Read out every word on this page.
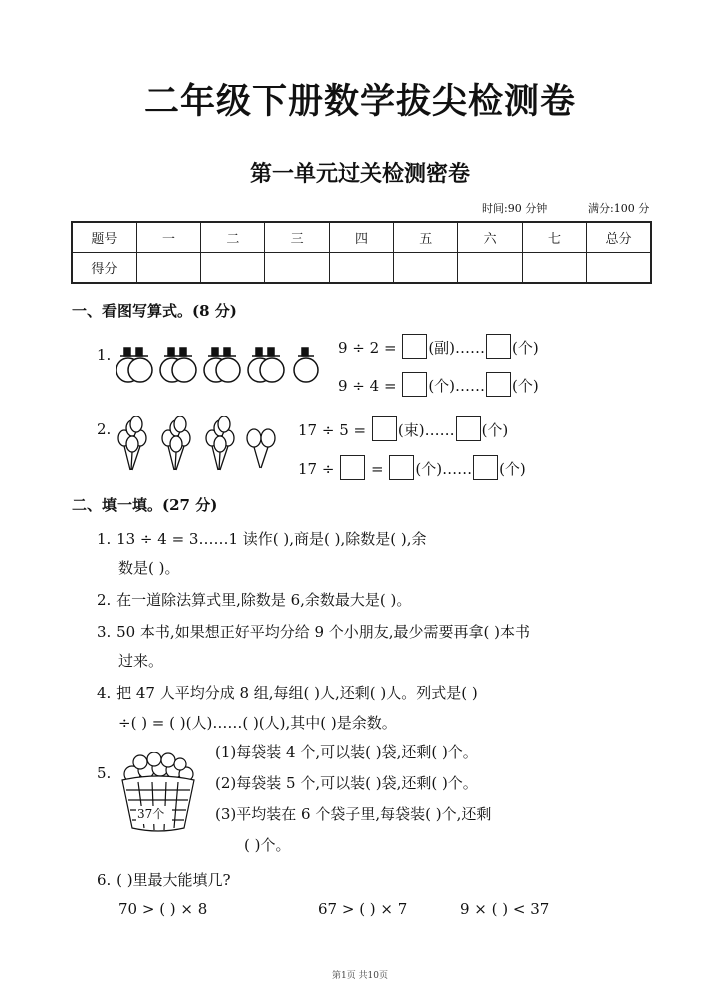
二年级下册数学拔尖检测卷
第一单元过关检测密卷
时间:90 分钟	满分:100 分
题号	一	二	三	四	五	六	七	总分
得分								
一、看图写算式。(8 分)
1.	9 ÷ 2 = (副)…… (个)
9 ÷ 4 = (个)…… (个)
2.	17 ÷ 5 = (束)…… (个)
17 ÷ = (个)…… (个)
二、填一填。(27 分)
1. 13 ÷ 4 = 3……1 读作( ),商是( ),除数是( ),余
数是( )。
2. 在一道除法算式里,除数是 6,余数最大是( )。
3. 50 本书,如果想正好平均分给 9 个小朋友,最少需要再拿( )本书
过来。
4. 把 47 人平均分成 8 组,每组( )人,还剩( )人。列式是( )
÷( ) = ( )(人)……( )(人),其中( )是余数。
5.
37个
(1)每袋装 4 个,可以装( )袋,还剩( )个。
(2)每袋装 5 个,可以装( )袋,还剩( )个。
(3)平均装在 6 个袋子里,每袋装( )个,还剩
( )个。
6. ( )里最大能填几?
70 > ( ) × 8	67 > ( ) × 7	9 × ( ) < 37
第1页 共10页
